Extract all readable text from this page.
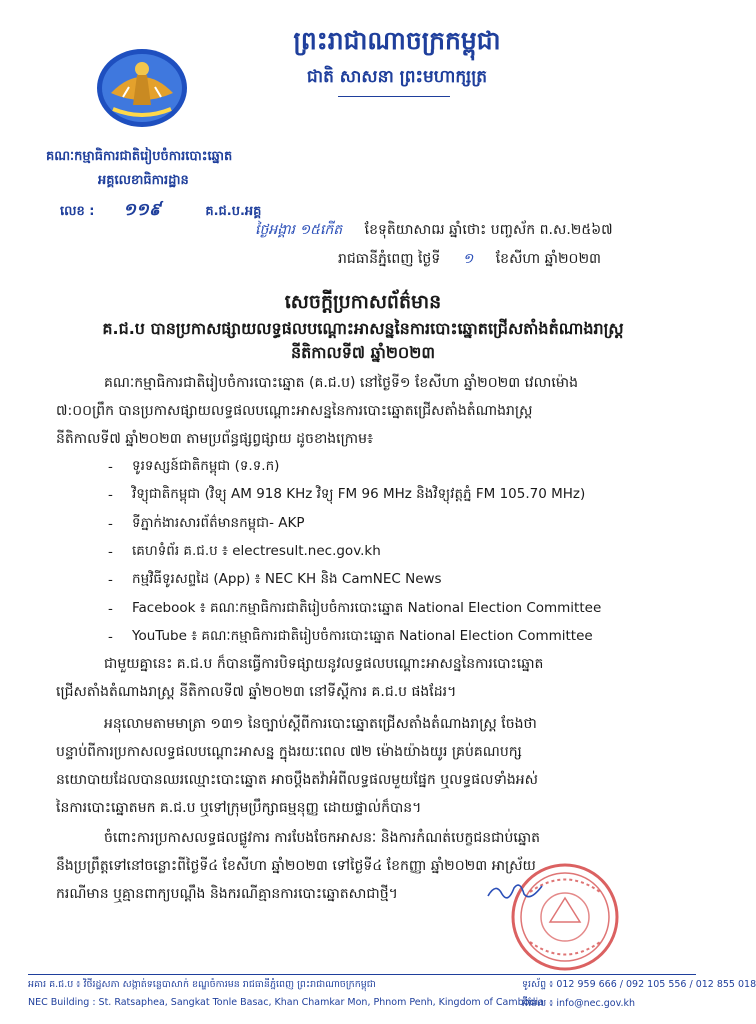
ព្រះរាជាណាចក្រកម្ពុជា
ជាតិ សាសនា ព្រះមហាក្សត្រ
គណៈកម្មាធិការជាតិរៀបចំការបោះឆ្នោត
អគ្គលេខាធិការដ្ឋាន
លេខ : ១១៩	គ.ជ.ប.អគ្គ
ថ្ងៃអង្គារ ១៥កើត ខែទុតិយាសាឍ ឆ្នាំថោះ បញ្ចស័ក ព.ស.២៥៦៧
រាជធានីភ្នំពេញ ថ្ងៃទី ១ ខែសីហា ឆ្នាំ២០២៣
សេចក្តីប្រកាសព័ត៌មាន
គ.ជ.ប បានប្រកាសផ្សាយលទ្ធផលបណ្តោះអាសន្ននៃការបោះឆ្នោតជ្រើសតាំងតំណាងរាស្ត្រ
នីតិកាលទី៧ ឆ្នាំ២០២៣

គណៈកម្មាធិការជាតិរៀបចំការបោះឆ្នោត (គ.ជ.ប) នៅថ្ងៃទី១ ខែសីហា ឆ្នាំ២០២៣ វេលាម៉ោង

៧:០០ព្រឹក បានប្រកាសផ្សាយលទ្ធផលបណ្តោះអាសន្ននៃការបោះឆ្នោតជ្រើសតាំងតំណាងរាស្ត្រ

នីតិកាលទី៧ ឆ្នាំ២០២៣ តាមប្រព័ន្ធផ្សព្វផ្សាយ ដូចខាងក្រោម៖

-	ទូរទស្សន៍ជាតិកម្ពុជា (ទ.ទ.ក)
-	វិទ្យុជាតិកម្ពុជា (វិទ្យុ AM 918 KHz វិទ្យុ FM 96 MHz និងវិទ្យុវត្តភ្នំ FM 105.70 MHz)
-	ទីភ្នាក់ងារសារព័ត៌មានកម្ពុជា- AKP
-	គេហទំព័រ គ.ជ.ប ៖ electresult.nec.gov.kh
-	កម្មវិធីទូរសព្ទដៃ (App) ៖ NEC KH និង CamNEC News
-	Facebook ៖ គណៈកម្មាធិការជាតិរៀបចំការបោះឆ្នោត National Election Committee
-	YouTube ៖ គណៈកម្មាធិការជាតិរៀបចំការបោះឆ្នោត National Election Committee

ជាមួយគ្នានេះ គ.ជ.ប ក៏បានធ្វើការបិទផ្សាយនូវលទ្ធផលបណ្តោះអាសន្ននៃការបោះឆ្នោត

ជ្រើសតាំងតំណាងរាស្ត្រ នីតិកាលទី៧ ឆ្នាំ២០២៣ នៅទីស្តីការ គ.ជ.ប ផងដែរ។

អនុលោមតាមមាត្រា ១៣១ នៃច្បាប់ស្តីពីការបោះឆ្នោតជ្រើសតាំងតំណាងរាស្ត្រ ចែងថា

បន្ទាប់ពីការប្រកាសលទ្ធផលបណ្តោះអាសន្ន ក្នុងរយៈពេល ៧២ ម៉ោងយ៉ាងយូរ គ្រប់គណបក្ស

នយោបាយដែលបានឈរឈ្មោះបោះឆ្នោត អាចប្តឹងតវ៉ាអំពីលទ្ធផលមួយផ្នែក ឬលទ្ធផលទាំងអស់

នៃការបោះឆ្នោតមក គ.ជ.ប ឬទៅក្រុមប្រឹក្សាធម្មនុញ្ញ ដោយផ្ទាល់ក៏បាន។

ចំពោះការប្រកាសលទ្ធផលផ្លូវការ ការបែងចែកអាសនៈ និងការកំណត់បេក្ខជនជាប់ឆ្នោត

នឹងប្រព្រឹត្តទៅនៅចន្លោះពីថ្ងៃទី៤ ខែសីហា ឆ្នាំ២០២៣ ទៅថ្ងៃទី៤ ខែកញ្ញា ឆ្នាំ២០២៣ អាស្រ័យ

ករណីមាន ឬគ្មានពាក្យបណ្តឹង និងករណីគ្មានការបោះឆ្នោតសាជាថ្មី។

អគារ គ.ជ.ប ៖ វិថីរដ្ឋសភា សង្កាត់ទន្លេបាសាក់ ខណ្ឌចំការមន រាជធានីភ្នំពេញ ព្រះរាជាណាចក្រកម្ពុជា
NEC Building : St. Ratsaphea, Sangkat Tonle Basac, Khan Chamkar Mon, Phnom Penh, Kingdom of Cambodia
ទូរស័ព្ទ ៖ 012 959 666 / 092 105 556 / 012 855 018
អ៊ីមែល ៖ info@nec.gov.kh
